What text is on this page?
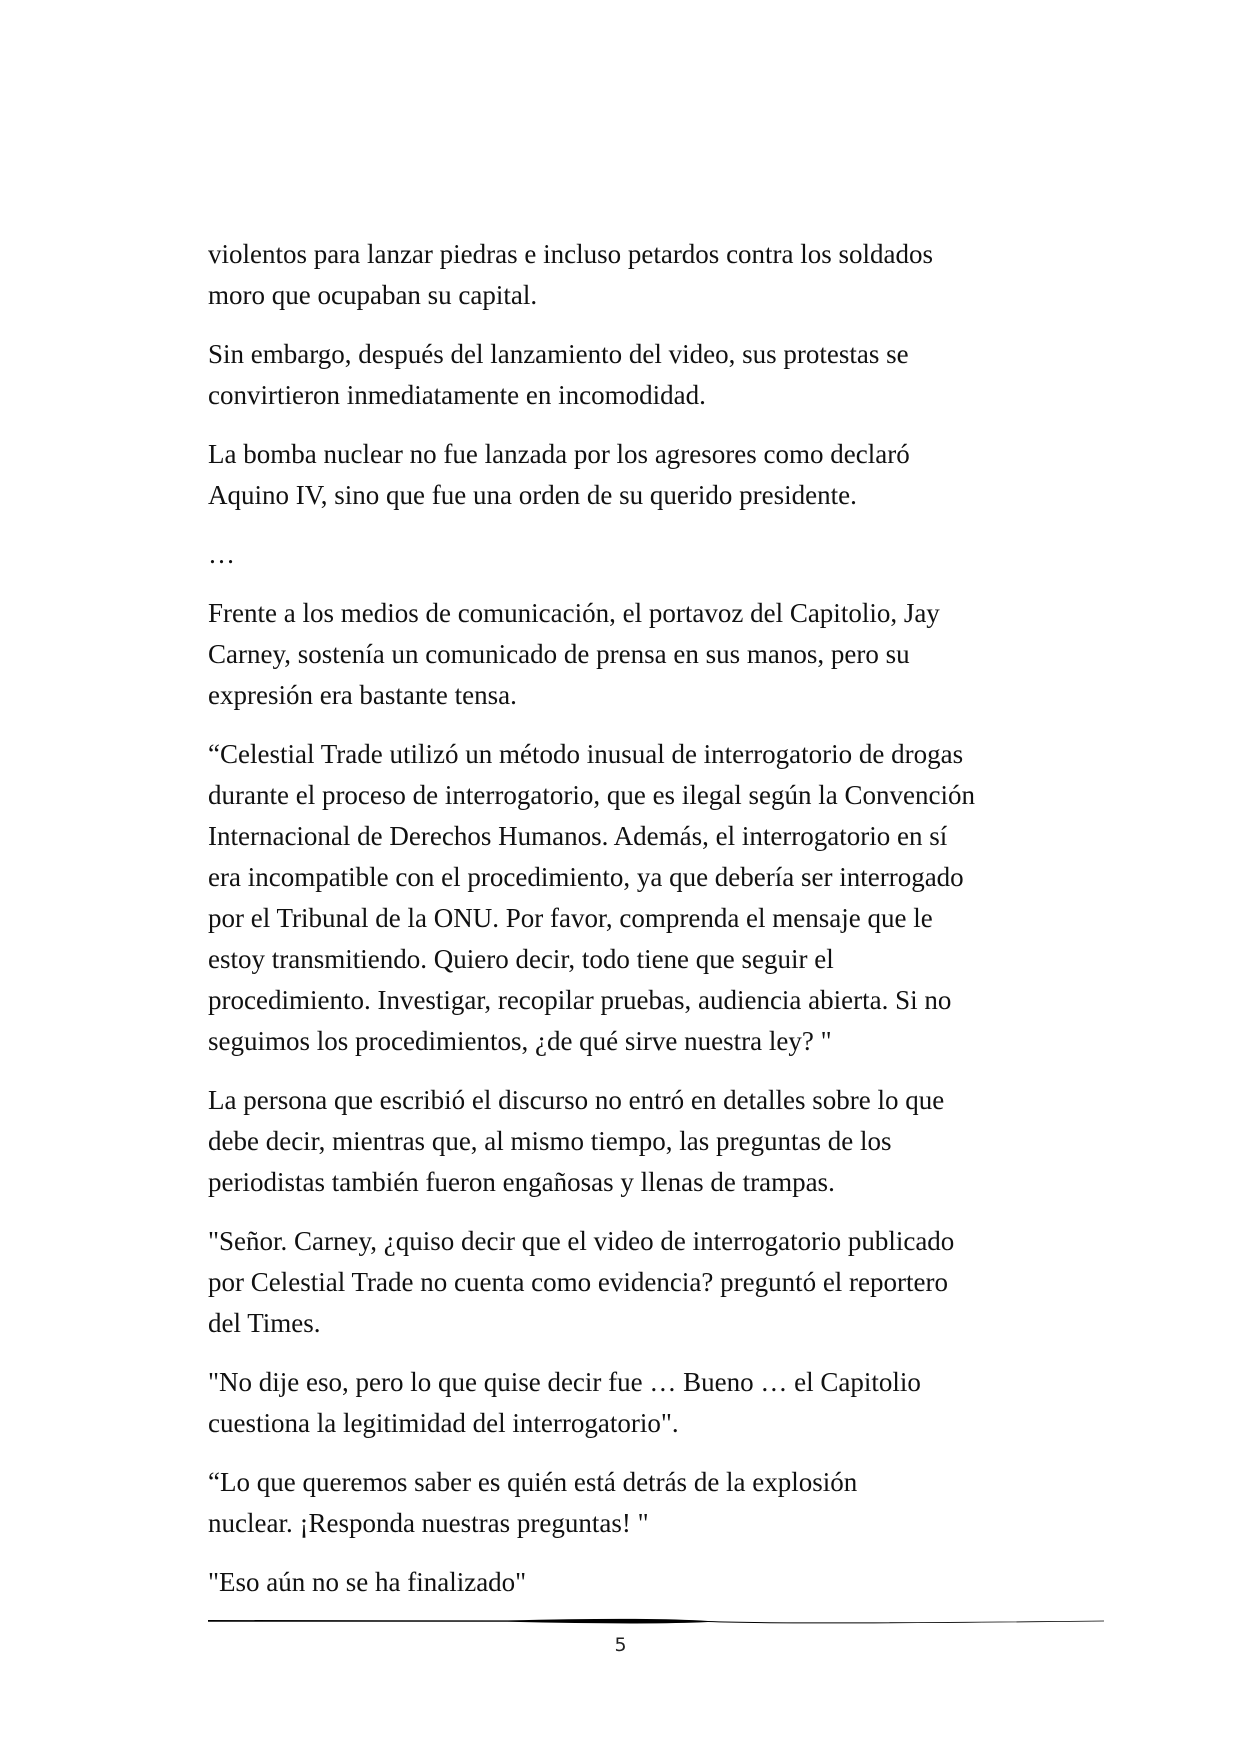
violentos para lanzar piedras e incluso petardos contra los soldados
moro que ocupaban su capital.

Sin embargo, después del lanzamiento del video, sus protestas se
convirtieron inmediatamente en incomodidad.

La bomba nuclear no fue lanzada por los agresores como declaró
Aquino IV, sino que fue una orden de su querido presidente.

…

Frente a los medios de comunicación, el portavoz del Capitolio, Jay
Carney, sostenía un comunicado de prensa en sus manos, pero su
expresión era bastante tensa.

“Celestial Trade utilizó un método inusual de interrogatorio de drogas
durante el proceso de interrogatorio, que es ilegal según la Convención
Internacional de Derechos Humanos. Además, el interrogatorio en sí
era incompatible con el procedimiento, ya que debería ser interrogado
por el Tribunal de la ONU. Por favor, comprenda el mensaje que le
estoy transmitiendo. Quiero decir, todo tiene que seguir el
procedimiento. Investigar, recopilar pruebas, audiencia abierta. Si no
seguimos los procedimientos, ¿de qué sirve nuestra ley? "

La persona que escribió el discurso no entró en detalles sobre lo que
debe decir, mientras que, al mismo tiempo, las preguntas de los
periodistas también fueron engañosas y llenas de trampas.

"Señor. Carney, ¿quiso decir que el video de interrogatorio publicado
por Celestial Trade no cuenta como evidencia? preguntó el reportero
del Times.

"No dije eso, pero lo que quise decir fue … Bueno … el Capitolio
cuestiona la legitimidad del interrogatorio".

“Lo que queremos saber es quién está detrás de la explosión
nuclear. ¡Responda nuestras preguntas! "

"Eso aún no se ha finalizado"

5
